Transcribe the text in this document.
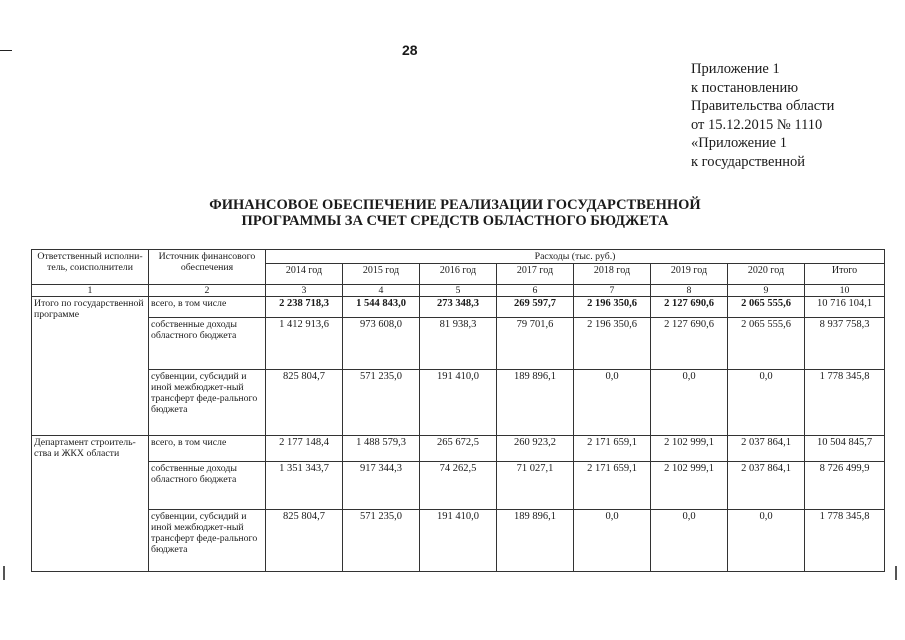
28
Приложение 1
к постановлению
Правительства области
от 15.12.2015 № 1110
«Приложение 1
к государственной
ФИНАНСОВОЕ ОБЕСПЕЧЕНИЕ РЕАЛИЗАЦИИ ГОСУДАРСТВЕННОЙ
ПРОГРАММЫ ЗА СЧЕТ СРЕДСТВ ОБЛАСТНОГО БЮДЖЕТА
Ответственный исполни-тель, соисполнители	Источник финансового обеспечения	Расходы (тыс. руб.)							
		2014 год	2015 год	2016 год	2017 год	2018 год	2019 год	2020 год	Итого
1	2	3	4	5	6	7	8	9	10
Итого по государственной программе	всего, в том числе	2 238 718,3	1 544 843,0	273 348,3	269 597,7	2 196 350,6	2 127 690,6	2 065 555,6	10 716 104,1
	собственные доходы областного бюджета	1 412 913,6	973 608,0	81 938,3	79 701,6	2 196 350,6	2 127 690,6	2 065 555,6	8 937 758,3
	субвенции, субсидий и иной межбюджет-ный трансферт феде-рального бюджета	825 804,7	571 235,0	191 410,0	189 896,1	0,0	0,0	0,0	1 778 345,8
Департамент строитель-ства и ЖКХ области	всего, в том числе	2 177 148,4	1 488 579,3	265 672,5	260 923,2	2 171 659,1	2 102 999,1	2 037 864,1	10 504 845,7
	собственные доходы областного бюджета	1 351 343,7	917 344,3	74 262,5	71 027,1	2 171 659,1	2 102 999,1	2 037 864,1	8 726 499,9
	субвенции, субсидий и иной межбюджет-ный трансферт феде-рального бюджета	825 804,7	571 235,0	191 410,0	189 896,1	0,0	0,0	0,0	1 778 345,8
